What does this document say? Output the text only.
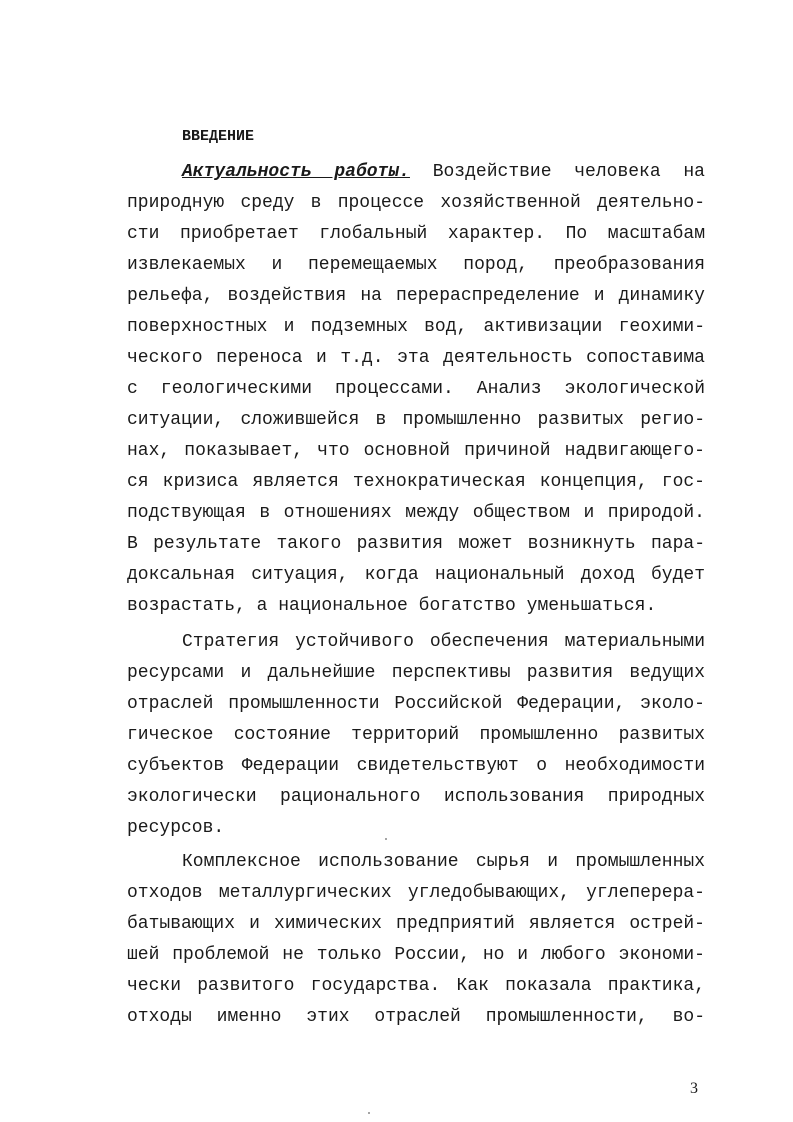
ВВЕДЕНИЕ
Актуальность работы. Воздействие человека на
природную среду в процессе хозяйственной деятельно-
сти приобретает глобальный характер. По масштабам
извлекаемых и перемещаемых пород, преобразования
рельефа, воздействия на перераспределение и динамику
поверхностных и подземных вод, активизации геохими-
ческого переноса и т.д. эта деятельность сопоставима
с геологическими процессами. Анализ экологической
ситуации, сложившейся в промышленно развитых регио-
нах, показывает, что основной причиной надвигающего-
ся кризиса является технократическая концепция, гос-
подствующая в отношениях между обществом и природой.
В результате такого развития может возникнуть пара-
доксальная ситуация, когда национальный доход будет
возрастать, а национальное богатство уменьшаться.
Стратегия устойчивого обеспечения материальными
ресурсами и дальнейшие перспективы развития ведущих
отраслей промышленности Российской Федерации, эколо-
гическое состояние территорий промышленно развитых
субъектов Федерации свидетельствуют о необходимости
экологически рационального использования природных
ресурсов.
Комплексное использование сырья и промышленных
отходов металлургических угледобывающих, углеперера-
батывающих и химических предприятий является острей-
шей проблемой не только России, но и любого экономи-
чески развитого государства. Как показала практика,
отходы именно этих отраслей промышленности, во-
3
